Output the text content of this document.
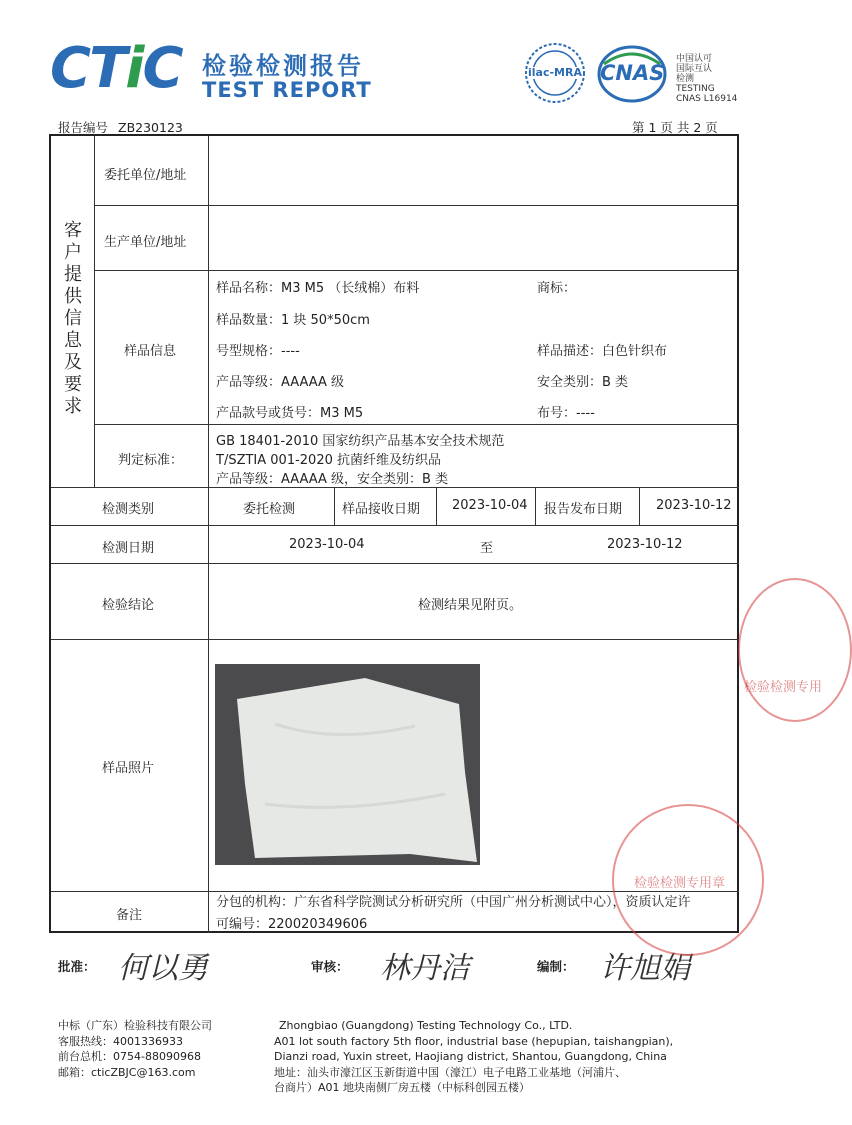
CTiC 检验检测报告
TEST REPORT
ilac-MRA CNAS
中国认可
国际互认
检测
TESTING
CNAS L16914
报告编号 ZB230123	第 1 页 共 2 页
客
户
提
供
信
息
及
要
求
委托单位/地址
生产单位/地址
样品信息
样品名称：M3 M5 （长绒棉）布料	商标：
样品数量：1 块 50*50cm
号型规格：----	样品描述：白色针织布
产品等级：AAAAA 级	安全类别：B 类
产品款号或货号：M3 M5	布号：----
判定标准：
GB 18401-2010 国家纺织产品基本安全技术规范
T/SZTIA 001-2020 抗菌纤维及纺织品
产品等级：AAAAA 级，安全类别：B 类
检测类别	委托检测	样品接收日期 2023-10-04 报告发布日期	2023-10-12
检测日期	2023-10-04	至	2023-10-12
检验结论	检测结果见附页。
样品照片
备注
分包的机构：广东省科学院测试分析研究所（中国广州分析测试中心），资质认定许
可编号：220020349606
批准： 何以勇	审核： 林丹洁	编制： 许旭娟
中标（广东）检验科技有限公司
客服热线：4001336933
前台总机：0754-88090968
邮箱：cticZBJC@163.com
Zhongbiao (Guangdong) Testing Technology Co., LTD.
A01 lot south factory 5th floor, industrial base (hepupian, taishangpian),
Dianzi road, Yuxin street, Haojiang district, Shantou, Guangdong, China
地址：汕头市濠江区玉新街道中国（濠江）电子电路工业基地（河浦片、
台商片）A01 地块南侧厂房五楼（中标科创园五楼）
检验检测专用
检验检测专用章
